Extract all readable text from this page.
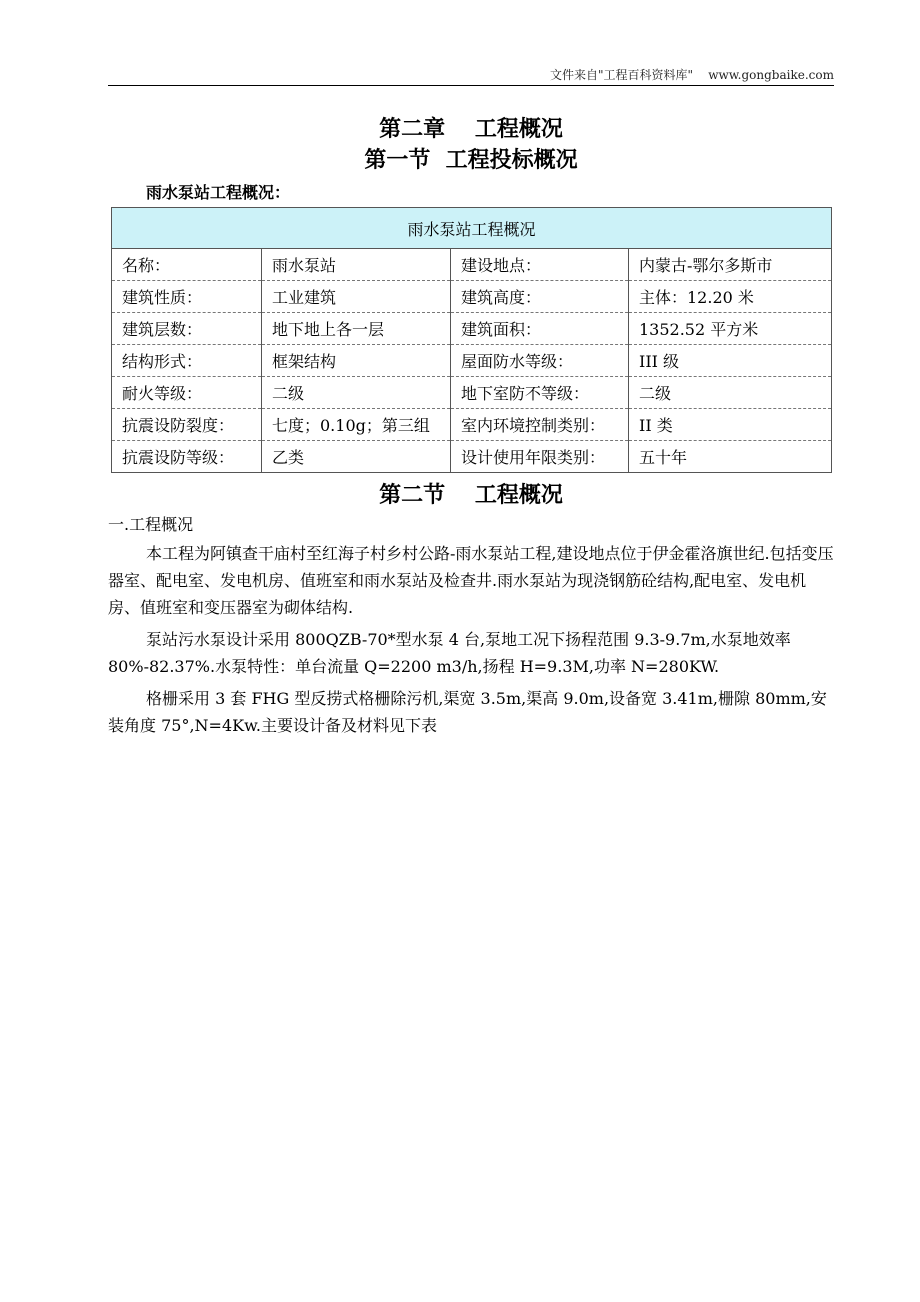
文件来自"工程百科资料库" www.gongbaike.com
第二章　 工程概况
第一节  工程投标概况
雨水泵站工程概况：
雨水泵站工程概况			
名称：	雨水泵站	建设地点：	内蒙古-鄂尔多斯市
建筑性质：	工业建筑	建筑高度：	主体：12.20 米
建筑层数：	地下地上各一层	建筑面积：	1352.52 平方米
结构形式：	框架结构	屋面防水等级：	III 级
耐火等级：	二级	地下室防不等级：	二级
抗震设防裂度：	七度；0.10g；第三组	室内环境控制类别：	II 类
抗震设防等级：	乙类	设计使用年限类别：	五十年
第二节　 工程概况
一.工程概况

本工程为阿镇查干庙村至红海子村乡村公路-雨水泵站工程,建设地点位于伊金霍洛旗世纪.包括变压器室、配电室、发电机房、值班室和雨水泵站及检查井.雨水泵站为现浇钢筋砼结构,配电室、发电机房、值班室和变压器室为砌体结构.

泵站污水泵设计采用 800QZB-70*型水泵 4 台,泵地工况下扬程范围 9.3-9.7m,水泵地效率 80%-82.37%.水泵特性：单台流量 Q=2200 m3/h,扬程 H=9.3M,功率 N=280KW.

格栅采用 3 套 FHG 型反捞式格栅除污机,渠宽 3.5m,渠高 9.0m,设备宽 3.41m,栅隙 80mm,安装角度 75°,N=4Kw.主要设计备及材料见下表
